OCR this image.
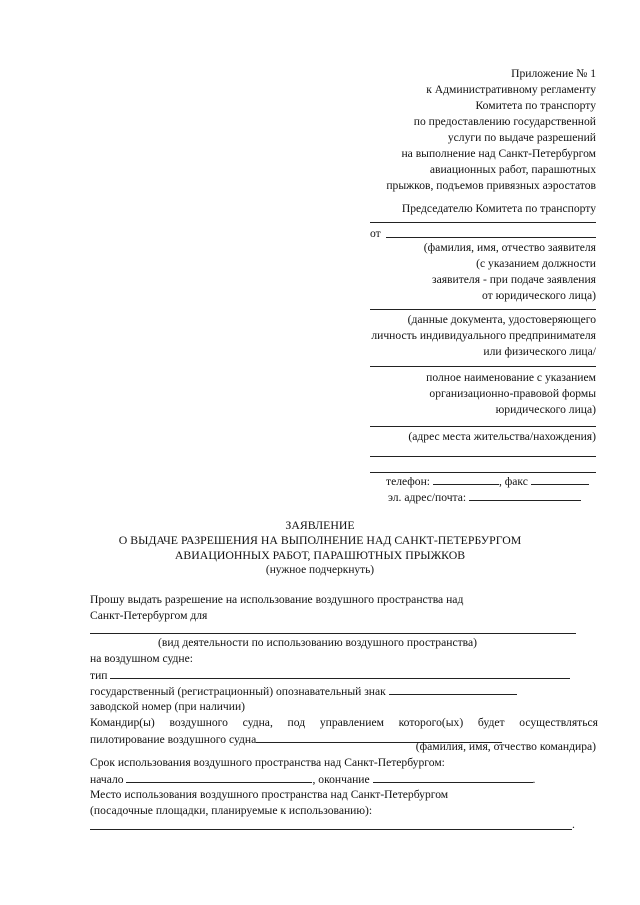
Приложение № 1
к Административному регламенту
Комитета по транспорту
по предоставлению государственной
услуги по выдаче разрешений
на выполнение над Санкт-Петербургом
авиационных работ, парашютных
прыжков, подъемов привязных аэростатов
Председателю Комитета по транспорту
от
(фамилия, имя, отчество заявителя
(с указанием должности
заявителя - при подаче заявления
от юридического лица)
(данные документа, удостоверяющего
личность индивидуального предпринимателя
или физического лица/
полное наименование с указанием
организационно-правовой формы
юридического лица)
(адрес места жительства/нахождения)
телефон:	, факс
эл. адрес/почта:
ЗАЯВЛЕНИЕ
О ВЫДАЧЕ РАЗРЕШЕНИЯ НА ВЫПОЛНЕНИЕ НАД САНКТ-ПЕТЕРБУРГОМ
АВИАЦИОННЫХ РАБОТ, ПАРАШЮТНЫХ ПРЫЖКОВ
(нужное подчеркнуть)
Прошу выдать разрешение на использование воздушного пространства над
Санкт-Петербургом для
(вид деятельности по использованию воздушного пространства)
на воздушном судне:
тип
государственный (регистрационный) опознавательный знак
заводской номер (при наличии)
Командир(ы) воздушного судна, под управлением которого(ых) будет осуществляться
пилотирование воздушного судна
(фамилия, имя, отчество командира)
Срок использования воздушного пространства над Санкт-Петербургом:
начало	, окончание	.
Место использования воздушного пространства над Санкт-Петербургом
(посадочные площадки, планируемые к использованию):
.
